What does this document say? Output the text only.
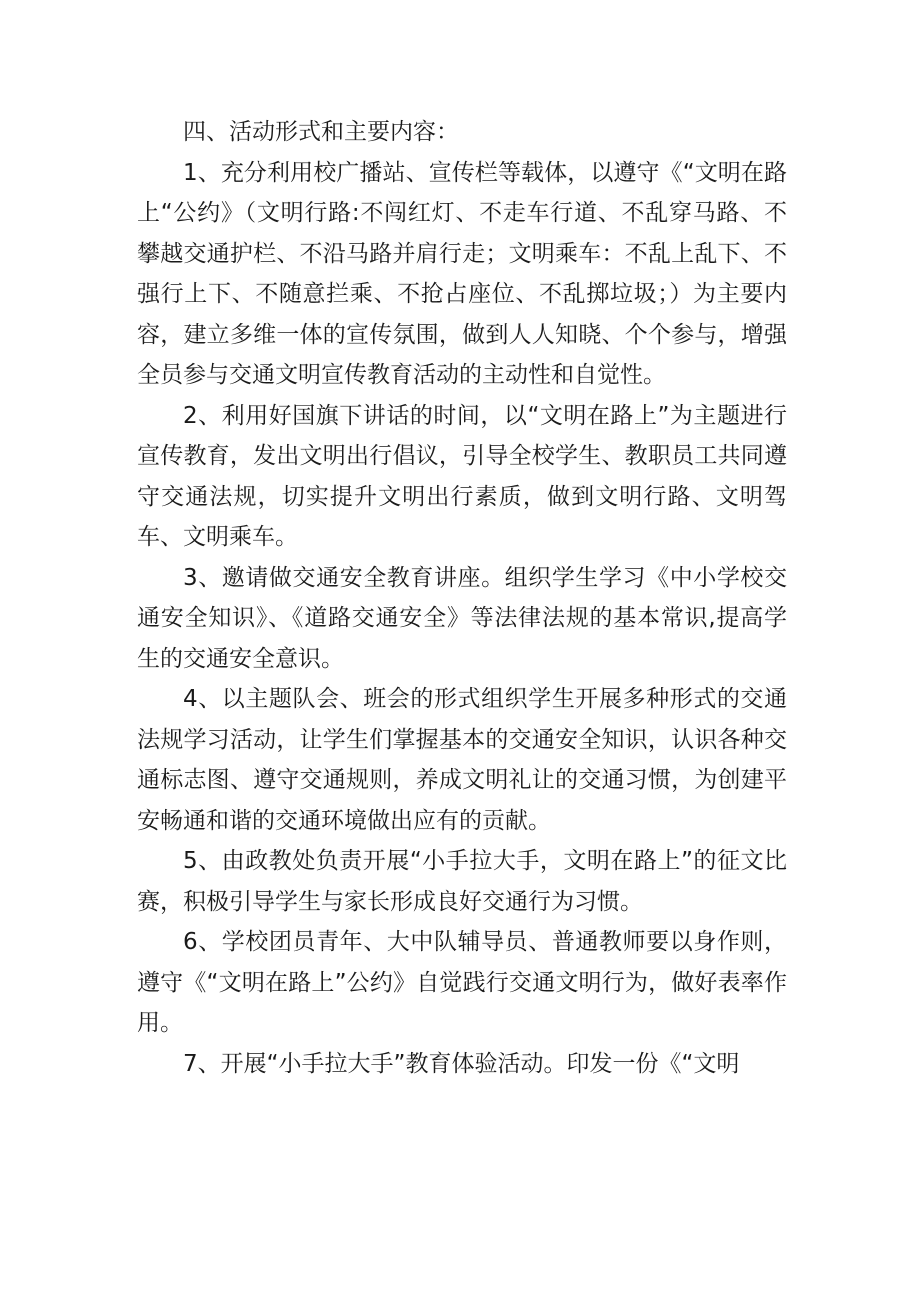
四、活动形式和主要内容：

1、充分利用校广播站、宣传栏等载体，以遵守《“文明在路上“公约》（文明行路:不闯红灯、不走车行道、不乱穿马路、不攀越交通护栏、不沿马路并肩行走；文明乘车：不乱上乱下、不强行上下、不随意拦乘、不抢占座位、不乱掷垃圾；）为主要内容，建立多维一体的宣传氛围，做到人人知晓、个个参与，增强全员参与交通文明宣传教育活动的主动性和自觉性。

2、利用好国旗下讲话的时间，以“文明在路上”为主题进行宣传教育，发出文明出行倡议，引导全校学生、教职员工共同遵守交通法规，切实提升文明出行素质，做到文明行路、文明驾车、文明乘车。

3、邀请做交通安全教育讲座。组织学生学习《中小学校交通安全知识》、《道路交通安全》等法律法规的基本常识,提高学生的交通安全意识。

4、以主题队会、班会的形式组织学生开展多种形式的交通法规学习活动，让学生们掌握基本的交通安全知识，认识各种交通标志图、遵守交通规则，养成文明礼让的交通习惯，为创建平安畅通和谐的交通环境做出应有的贡献。

5、由政教处负责开展“小手拉大手，文明在路上”的征文比赛，积极引导学生与家长形成良好交通行为习惯。

6、学校团员青年、大中队辅导员、普通教师要以身作则，遵守《“文明在路上”公约》自觉践行交通文明行为，做好表率作用。

7、开展“小手拉大手”教育体验活动。印发一份《“文明
